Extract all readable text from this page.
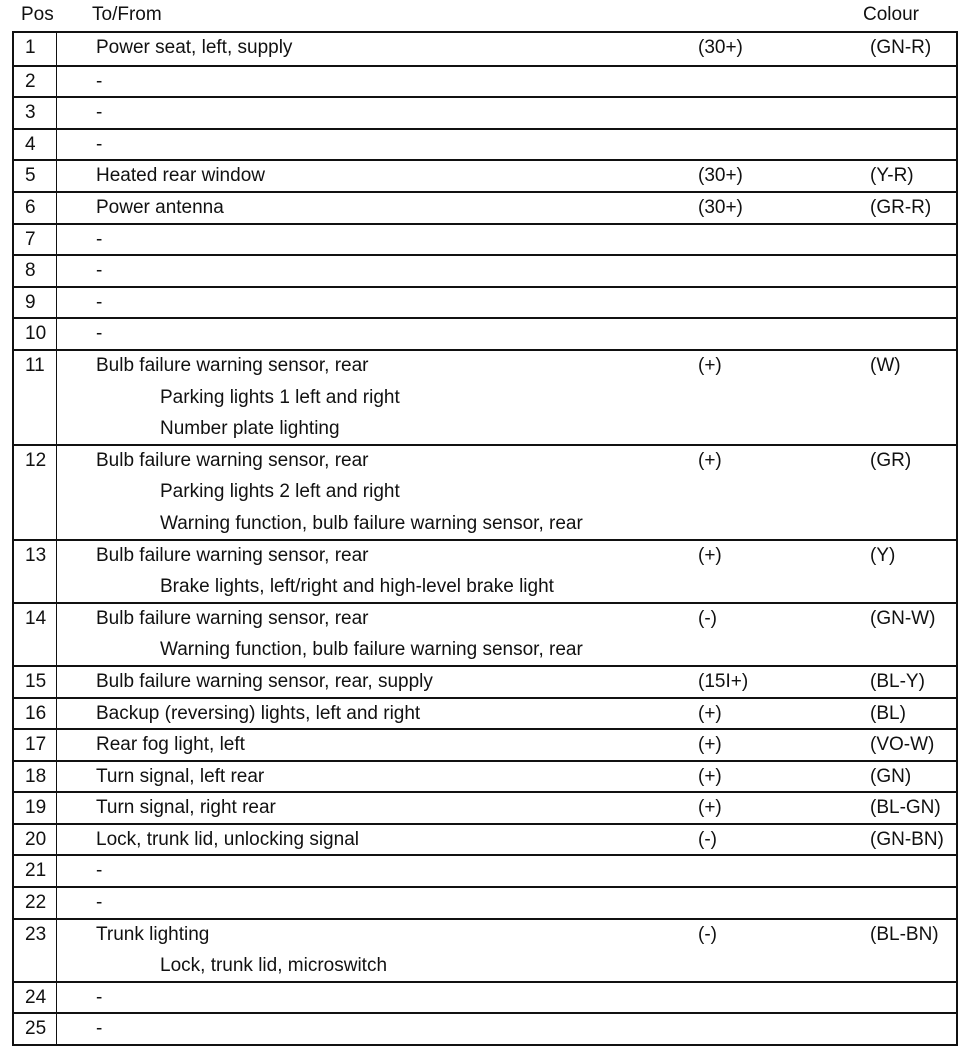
Pos To/From	Colour
1	Power seat, left, supply	(30+)	(GN-R)
2	-
3	-
4	-
5	Heated rear window	(30+)	(Y-R)
6	Power antenna	(30+)	(GR-R)
7	-
8	-
9	-
10	-
11	Bulb failure warning sensor, rear	(+)	(W)
Parking lights 1 left and right
Number plate lighting
12	Bulb failure warning sensor, rear	(+)	(GR)
Parking lights 2 left and right
Warning function, bulb failure warning sensor, rear
13	Bulb failure warning sensor, rear	(+)	(Y)
Brake lights, left/right and high-level brake light
14	Bulb failure warning sensor, rear	(-)	(GN-W)
Warning function, bulb failure warning sensor, rear
15	Bulb failure warning sensor, rear, supply	(15I+)	(BL-Y)
16	Backup (reversing) lights, left and right	(+)	(BL)
17	Rear fog light, left	(+)	(VO-W)
18	Turn signal, left rear	(+)	(GN)
19	Turn signal, right rear	(+)	(BL-GN)
20	Lock, trunk lid, unlocking signal	(-)	(GN-BN)
21	-
22	-
23	Trunk lighting	(-)	(BL-BN)
Lock, trunk lid, microswitch
24	-
25	-
